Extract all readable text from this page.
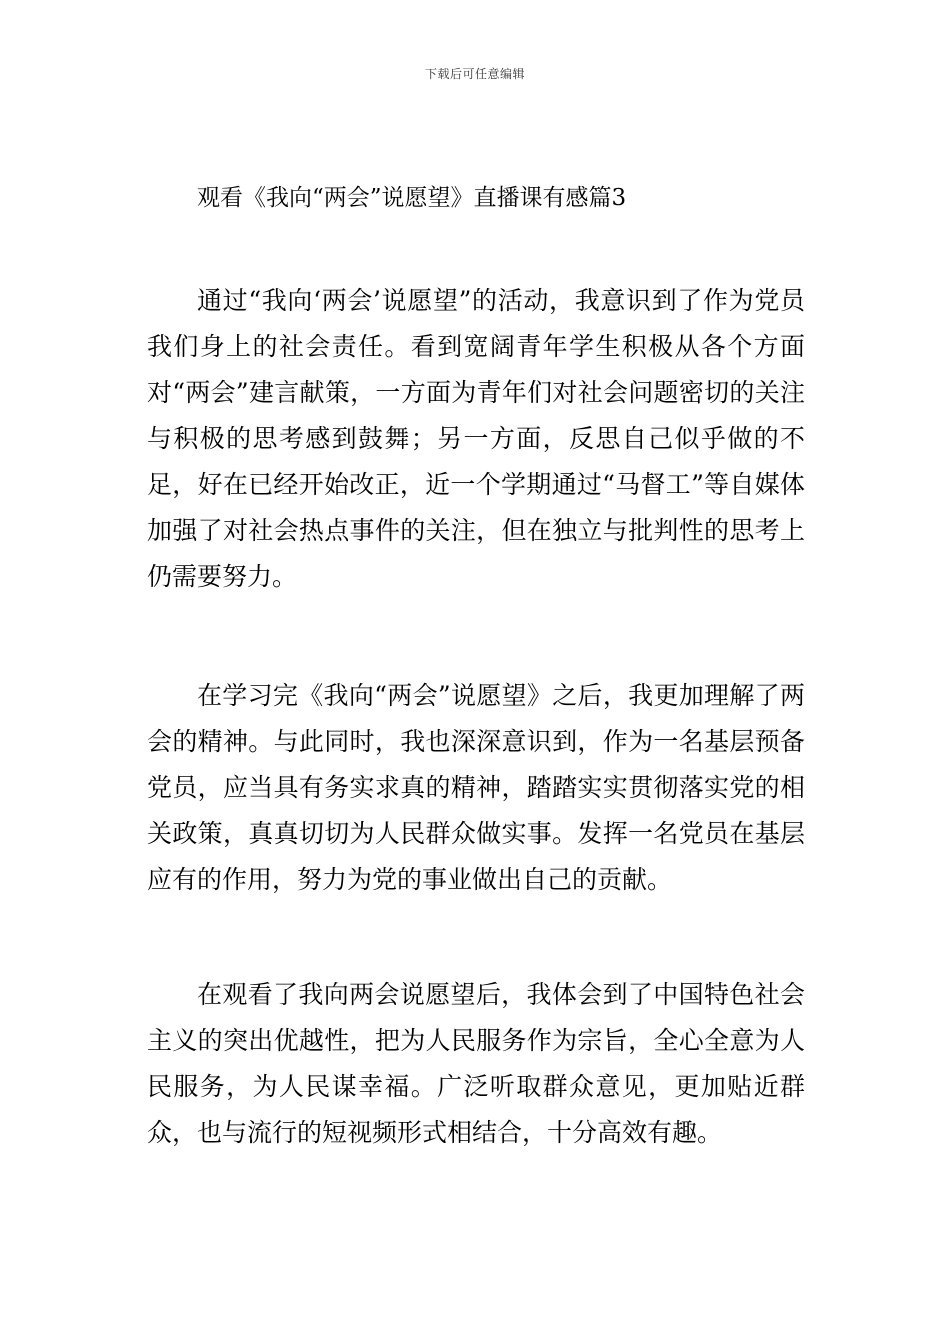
下载后可任意编辑
观看《我向“两会”说愿望》直播课有感篇3

通过“我向‘两会’说愿望”的活动，我意识到了作为党员我们身上的社会责任。看到宽阔青年学生积极从各个方面对“两会”建言献策，一方面为青年们对社会问题密切的关注与积极的思考感到鼓舞；另一方面，反思自己似乎做的不足，好在已经开始改正，近一个学期通过“马督工”等自媒体加强了对社会热点事件的关注，但在独立与批判性的思考上仍需要努力。

在学习完《我向“两会”说愿望》之后，我更加理解了两会的精神。与此同时，我也深深意识到，作为一名基层预备党员，应当具有务实求真的精神，踏踏实实贯彻落实党的相关政策，真真切切为人民群众做实事。发挥一名党员在基层应有的作用，努力为党的事业做出自己的贡献。

在观看了我向两会说愿望后，我体会到了中国特色社会主义的突出优越性，把为人民服务作为宗旨，全心全意为人民服务，为人民谋幸福。广泛听取群众意见，更加贴近群众，也与流行的短视频形式相结合，十分高效有趣。
